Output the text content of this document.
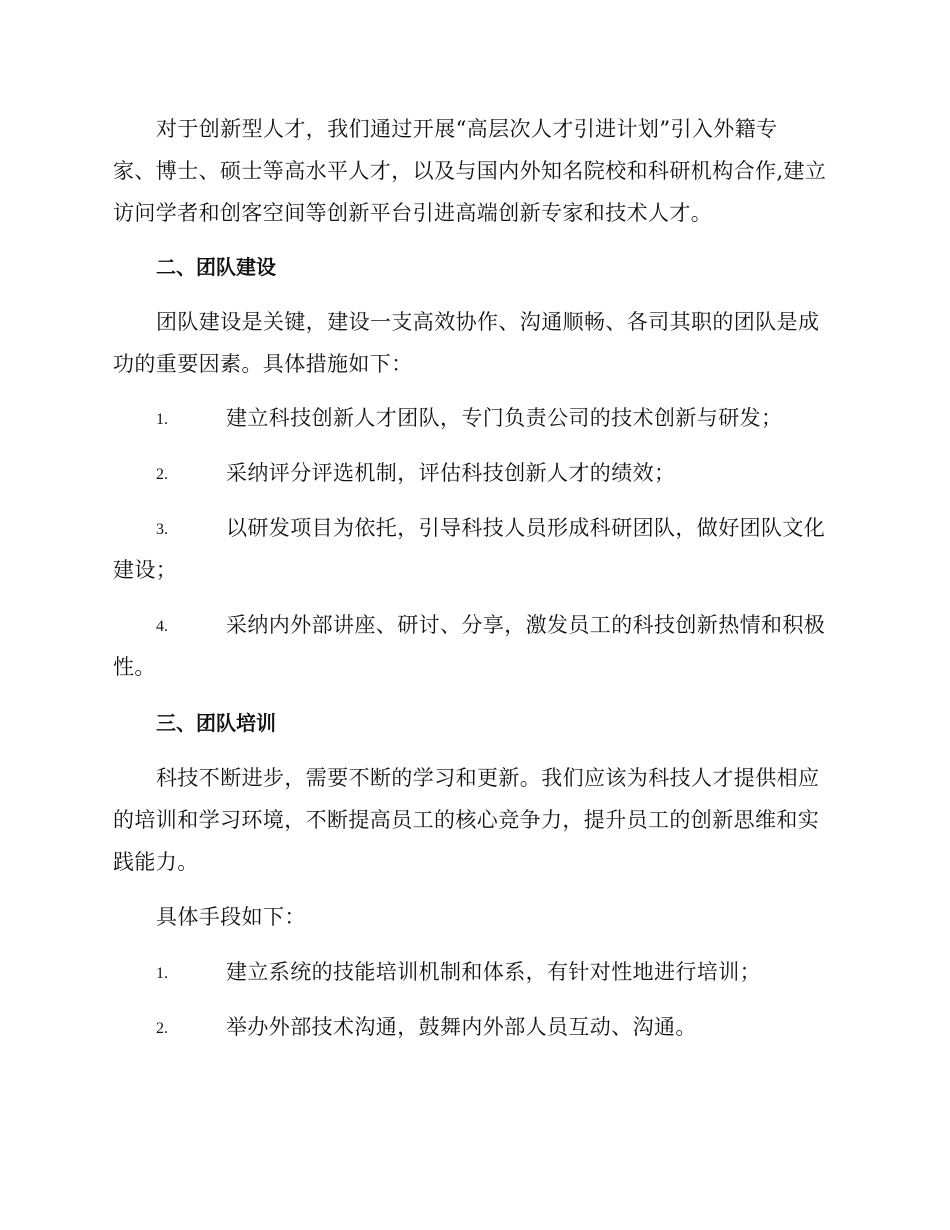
对于创新型人才，我们通过开展“高层次人才引进计划”引入外籍专
家、博士、硕士等高水平人才，以及与国内外知名院校和科研机构合作,建立
访问学者和创客空间等创新平台引进高端创新专家和技术人才。
二、团队建设
团队建设是关键，建设一支高效协作、沟通顺畅、各司其职的团队是成
功的重要因素。具体措施如下：
1.	建立科技创新人才团队，专门负责公司的技术创新与研发；
2.	采纳评分评选机制，评估科技创新人才的绩效；
3.	以研发项目为依托，引导科技人员形成科研团队，做好团队文化
建设；
4.	采纳内外部讲座、研讨、分享，激发员工的科技创新热情和积极
性。
三、团队培训
科技不断进步，需要不断的学习和更新。我们应该为科技人才提供相应
的培训和学习环境，不断提高员工的核心竞争力，提升员工的创新思维和实
践能力。
具体手段如下：
1.	建立系统的技能培训机制和体系，有针对性地进行培训；
2.	举办外部技术沟通，鼓舞内外部人员互动、沟通。
